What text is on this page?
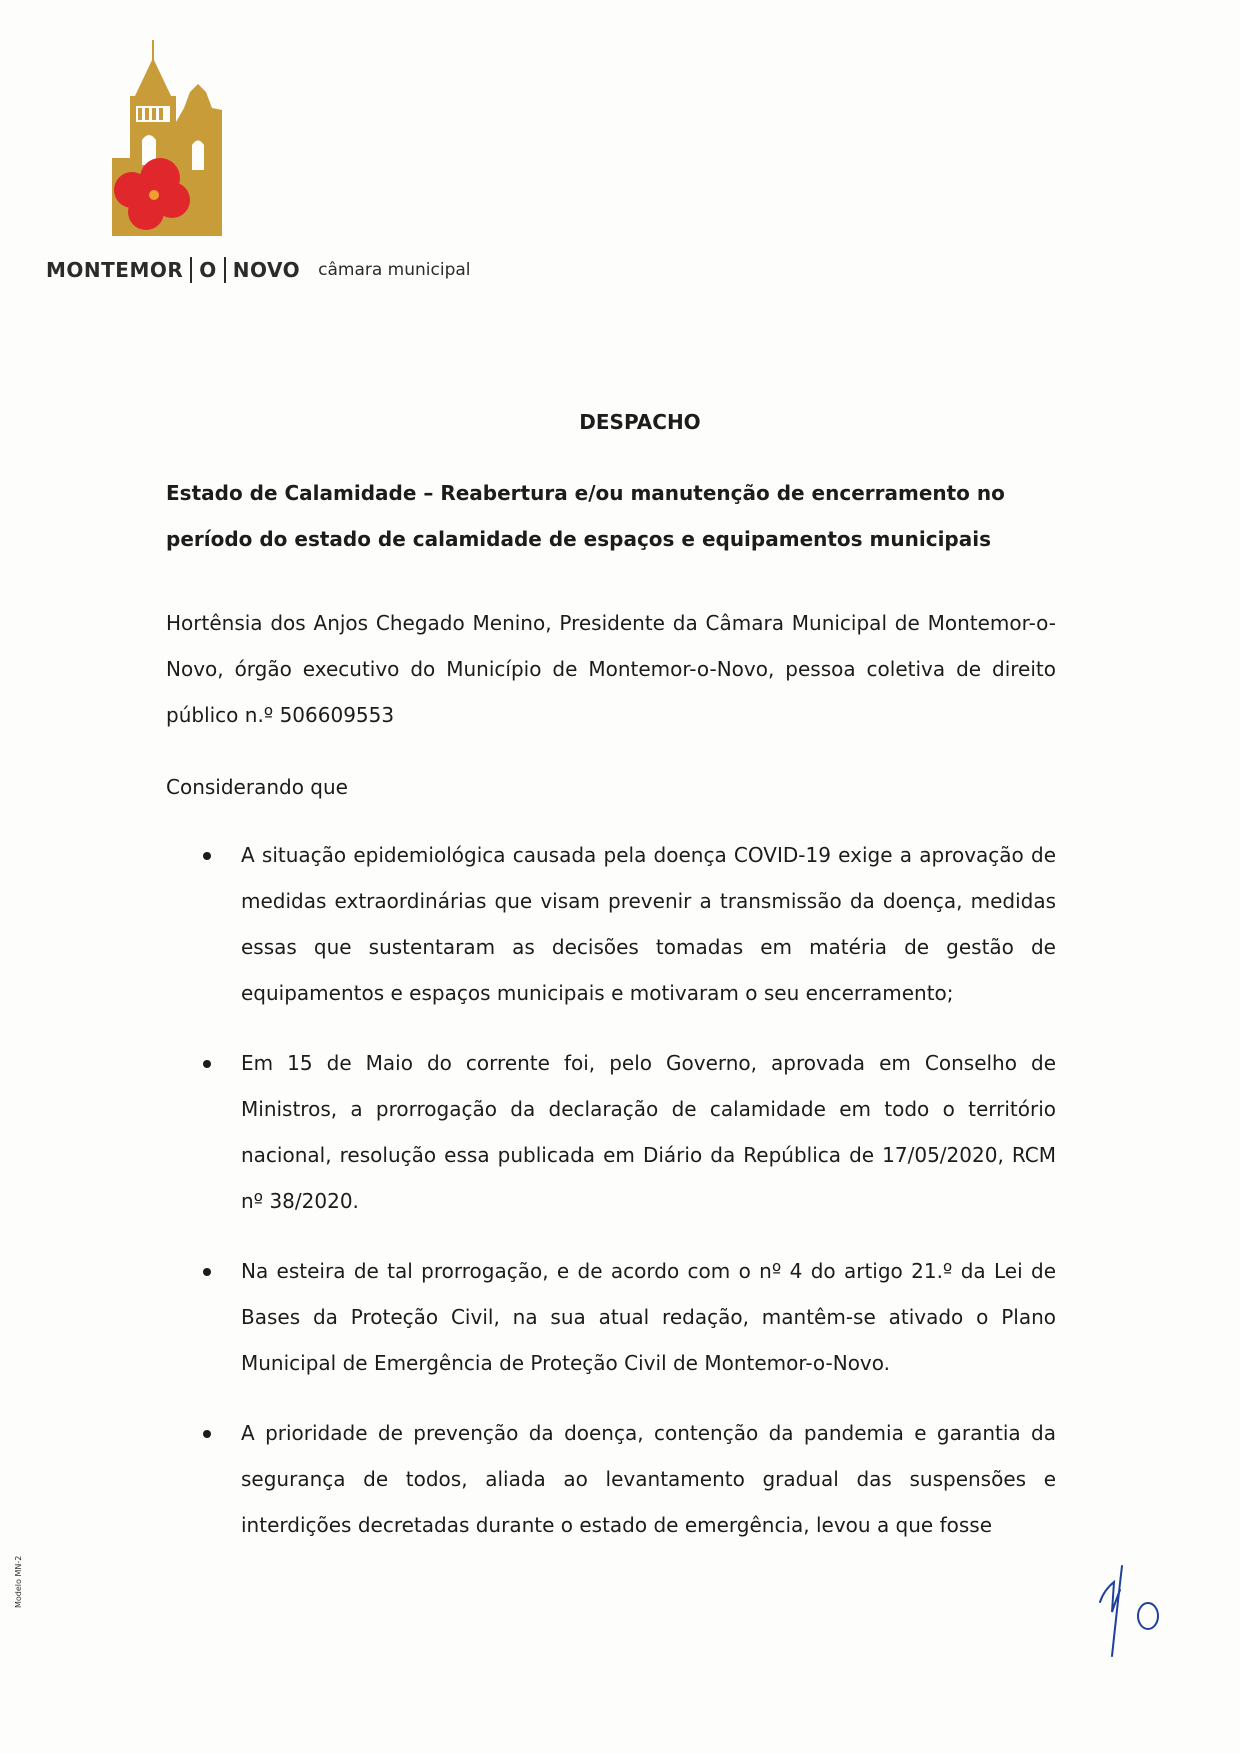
MONTEMOR O NOVO câmara municipal
DESPACHO
Estado de Calamidade – Reabertura e/ou manutenção de encerramento no período do estado de calamidade de espaços e equipamentos municipais
Hortênsia dos Anjos Chegado Menino, Presidente da Câmara Municipal de Montemor-o-Novo, órgão executivo do Município de Montemor-o-Novo, pessoa coletiva de direito público n.º 506609553
Considerando que
A situação epidemiológica causada pela doença COVID-19 exige a aprovação de medidas extraordinárias que visam prevenir a transmissão da doença, medidas essas que sustentaram as decisões tomadas em matéria de gestão de equipamentos e espaços municipais e motivaram o seu encerramento;
Em 15 de Maio do corrente foi, pelo Governo, aprovada em Conselho de Ministros, a prorrogação da declaração de calamidade em todo o território nacional, resolução essa publicada em Diário da República de 17/05/2020, RCM nº 38/2020.
Na esteira de tal prorrogação, e de acordo com o nº 4 do artigo 21.º da Lei de Bases da Proteção Civil, na sua atual redação, mantêm-se ativado o Plano Municipal de Emergência de Proteção Civil de Montemor-o-Novo.
A prioridade de prevenção da doença, contenção da pandemia e garantia da segurança de todos, aliada ao levantamento gradual das suspensões e interdições decretadas durante o estado de emergência, levou a que fosse
Modelo MN-2
